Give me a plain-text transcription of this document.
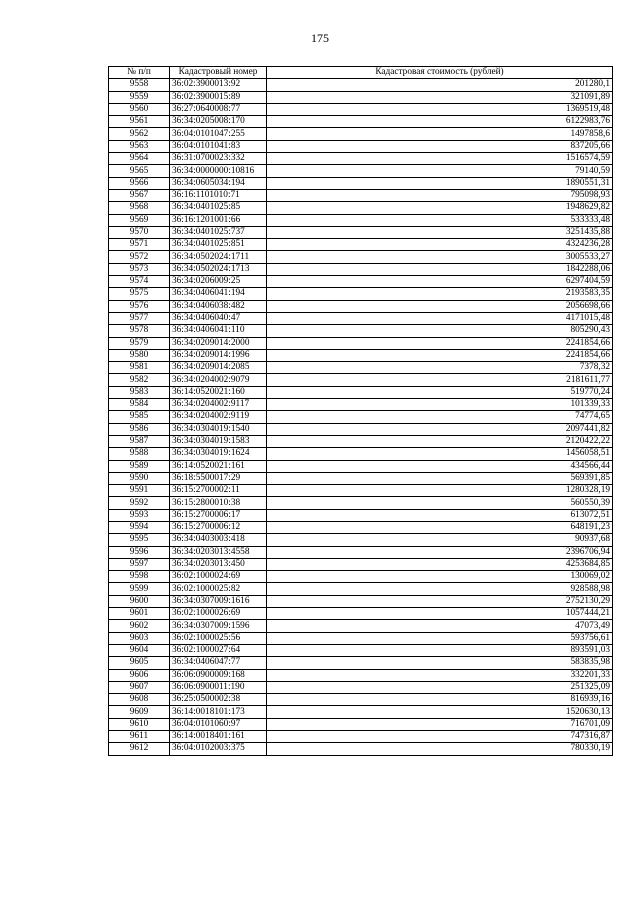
175
№ п/п	Кадастровый номер	Кадастровая стоимость (рублей)
9558	36:02:3900013:92	201280,1
9559	36:02:3900015:89	321091,89
9560	36:27:0640008:77	1369519,48
9561	36:34:0205008:170	6122983,76
9562	36:04:0101047:255	1497858,6
9563	36:04:0101041:83	837205,66
9564	36:31:0700023:332	1516574,59
9565	36:34:0000000:10816	79140,59
9566	36:34:0605034:194	1890551,31
9567	36:16:1101010:71	795098,93
9568	36:34:0401025:85	1948629,82
9569	36:16:1201001:66	533333,48
9570	36:34:0401025:737	3251435,88
9571	36:34:0401025:851	4324236,28
9572	36:34:0502024:1711	3005533,27
9573	36:34:0502024:1713	1842288,06
9574	36:34:0206009:25	6297404,59
9575	36:34:0406041:194	2193583,35
9576	36:34:0406038:482	2056698,66
9577	36:34:0406040:47	4171015,48
9578	36:34:0406041:110	805290,43
9579	36:34:0209014:2000	2241854,66
9580	36:34:0209014:1996	2241854,66
9581	36:34:0209014:2085	7378,32
9582	36:34:0204002:9079	2181611,77
9583	36:14:0520021:160	519770,24
9584	36:34:0204002:9117	101339,33
9585	36:34:0204002:9119	74774,65
9586	36:34:0304019:1540	2097441,82
9587	36:34:0304019:1583	2120422,22
9588	36:34:0304019:1624	1456058,51
9589	36:14:0520021:161	434566,44
9590	36:18:5500017:29	569391,85
9591	36:15:2700002:11	1280328,19
9592	36:15:2800010:38	560550,39
9593	36:15:2700006:17	613072,51
9594	36:15:2700006:12	648191,23
9595	36:34:0403003:418	90937,68
9596	36:34:0203013:4558	2396706,94
9597	36:34:0203013:450	4253684,85
9598	36:02:1000024:69	130069,02
9599	36:02:1000025:82	928588,98
9600	36:34:0307009:1616	2752130,29
9601	36:02:1000026:69	1057444,21
9602	36:34:0307009:1596	47073,49
9603	36:02:1000025:56	593756,61
9604	36:02:1000027:64	893591,03
9605	36:34:0406047:77	583835,98
9606	36:06:0900009:168	332201,33
9607	36:06:0900011:190	251325,09
9608	36:25:0500002:38	816939,16
9609	36:14:0018101:173	1520630,13
9610	36:04:0101060:97	716701,09
9611	36:14:0018401:161	747316,87
9612	36:04:0102003:375	780330,19
